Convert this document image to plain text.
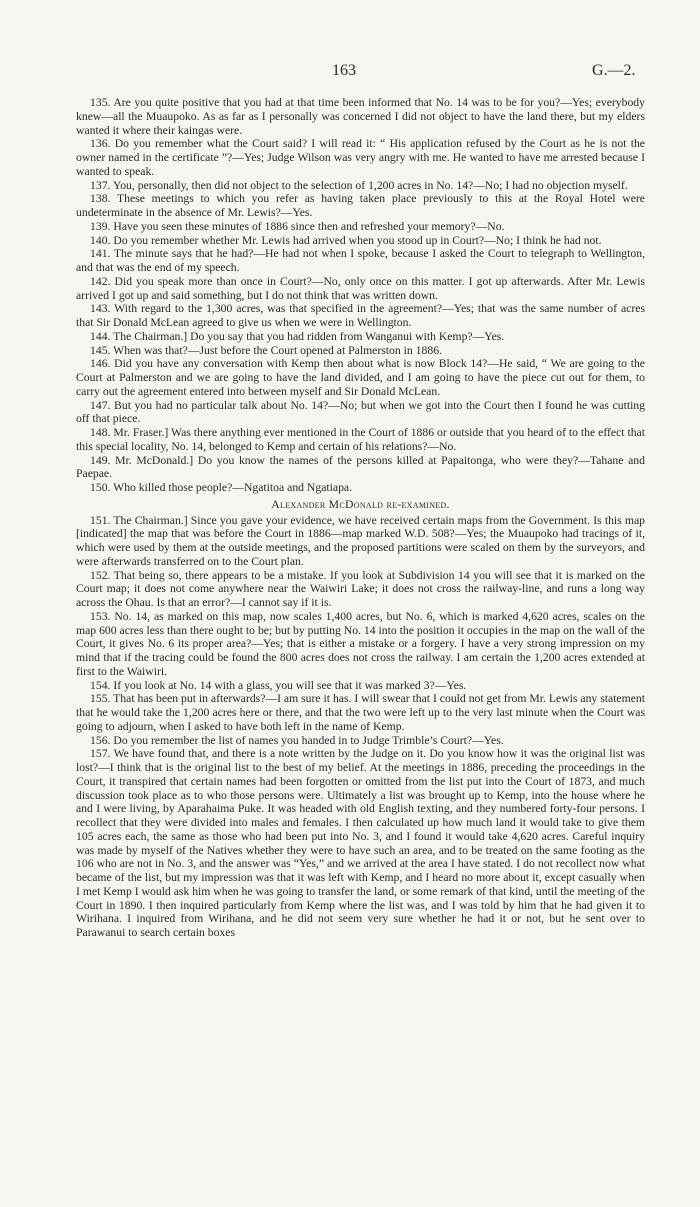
163	G.—2.

135. Are you quite positive that you had at that time been informed that No. 14 was to be for you?—Yes; everybody knew—all the Muaupoko. As as far as I personally was concerned I did not object to have the land there, but my elders wanted it where their kaingas were.

136. Do you remember what the Court said? I will read it: “ His application refused by the Court as he is not the owner named in the certificate ”?—Yes; Judge Wilson was very angry with me. He wanted to have me arrested because I wanted to speak.

137. You, personally, then did not object to the selection of 1,200 acres in No. 14?—No; I had no objection myself.

138. These meetings to which you refer as having taken place previously to this at the Royal Hotel were undeterminate in the absence of Mr. Lewis?—Yes.

139. Have you seen these minutes of 1886 since then and refreshed your memory?—No.

140. Do you remember whether Mr. Lewis had arrived when you stood up in Court?—No; I think he had not.

141. The minute says that he had?—He had not when I spoke, because I asked the Court to telegraph to Wellington, and that was the end of my speech.

142. Did you speak more than once in Court?—No, only once on this matter. I got up afterwards. After Mr. Lewis arrived I got up and said something, but I do not think that was written down.

143. With regard to the 1,300 acres, was that specified in the agreement?—Yes; that was the same number of acres that Sir Donald McLean agreed to give us when we were in Wellington.

144. The Chairman.] Do you say that you had ridden from Wanganui with Kemp?—Yes.

145. When was that?—Just before the Court opened at Palmerston in 1886.

146. Did you have any conversation with Kemp then about what is now Block 14?—He said, “ We are going to the Court at Palmerston and we are going to have the land divided, and I am going to have the piece cut out for them, to carry out the agreement entered into between myself and Sir Donald McLean.

147. But you had no particular talk about No. 14?—No; but when we got into the Court then I found he was cutting off that piece.

148. Mr. Fraser.] Was there anything ever mentioned in the Court of 1886 or outside that you heard of to the effect that this special locality, No. 14, belonged to Kemp and certain of his relations?—No.

149. Mr. McDonald.] Do you know the names of the persons killed at Papaitonga, who were they?—Tahane and Paepae.

150. Who killed those people?—Ngatitoa and Ngatiapa.

Alexander McDonald re-examined.

151. The Chairman.] Since you gave your evidence, we have received certain maps from the Government. Is this map [indicated] the map that was before the Court in 1886—map marked W.D. 508?—Yes; the Muaupoko had tracings of it, which were used by them at the outside meetings, and the proposed partitions were scaled on them by the surveyors, and were afterwards transferred on to the Court plan.

152. That being so, there appears to be a mistake. If you look at Subdivision 14 you will see that it is marked on the Court map; it does not come anywhere near the Waiwiri Lake; it does not cross the railway-line, and runs a long way across the Ohau. Is that an error?—I cannot say if it is.

153. No. 14, as marked on this map, now scales 1,400 acres, but No. 6, which is marked 4,620 acres, scales on the map 600 acres less than there ought to be; but by putting No. 14 into the position it occupies in the map on the wall of the Court, it gives No. 6 its proper area?—Yes; that is either a mistake or a forgery. I have a very strong impression on my mind that if the tracing could be found the 800 acres does not cross the railway. I am certain the 1,200 acres extended at first to the Waiwiri.

154. If you look at No. 14 with a glass, you will see that it was marked 3?—Yes.

155. That has been put in afterwards?—I am sure it has. I will swear that I could not get from Mr. Lewis any statement that he would take the 1,200 acres here or there, and that the two were left up to the very last minute when the Court was going to adjourn, when I asked to have both left in the name of Kemp.

156. Do you remember the list of names you handed in to Judge Trimble’s Court?—Yes.

157. We have found that, and there is a note written by the Judge on it. Do you know how it was the original list was lost?—I think that is the original list to the best of my belief. At the meetings in 1886, preceding the proceedings in the Court, it transpired that certain names had been forgotten or omitted from the list put into the Court of 1873, and much discussion took place as to who those persons were. Ultimately a list was brought up to Kemp, into the house where he and I were living, by Aparahaima Puke. It was headed with old English texting, and they numbered forty-four persons. I recollect that they were divided into males and females. I then calculated up how much land it would take to give them 105 acres each, the same as those who had been put into No. 3, and I found it would take 4,620 acres. Careful inquiry was made by myself of the Natives whether they were to have such an area, and to be treated on the same footing as the 106 who are not in No. 3, and the answer was “Yes,” and we arrived at the area I have stated. I do not recollect now what became of the list, but my impression was that it was left with Kemp, and I heard no more about it, except casually when I met Kemp I would ask him when he was going to transfer the land, or some remark of that kind, until the meeting of the Court in 1890. I then inquired particularly from Kemp where the list was, and I was told by him that he had given it to Wirihana. I inquired from Wirihana, and he did not seem very sure whether he had it or not, but he sent over to Parawanui to search certain boxes
